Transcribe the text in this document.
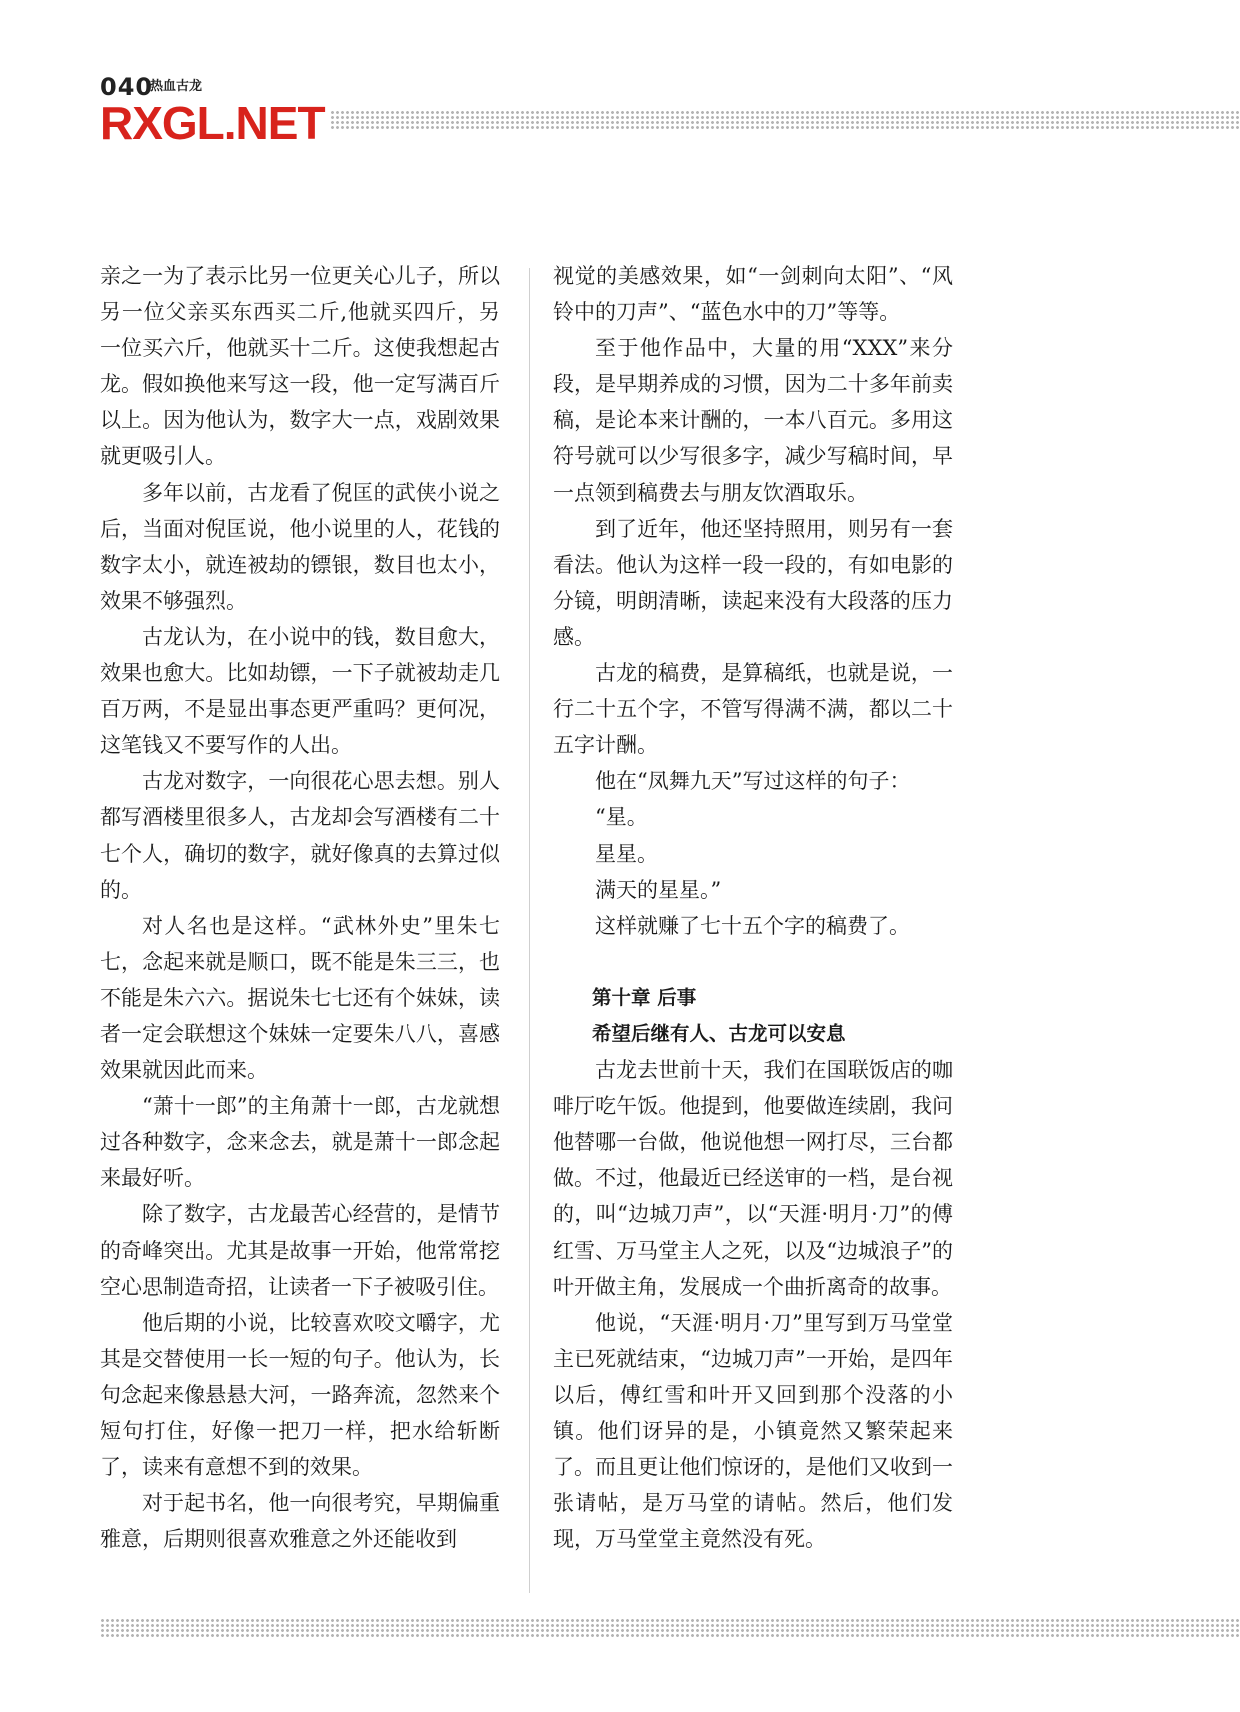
040
热血古龙
RXGL.NET

亲之一为了表示比另一位更关心儿子，所以另一位父亲买东西买二斤,他就买四斤，另一位买六斤，他就买十二斤。这使我想起古龙。假如换他来写这一段，他一定写满百斤以上。因为他认为，数字大一点，戏剧效果就更吸引人。

多年以前，古龙看了倪匡的武侠小说之后，当面对倪匡说，他小说里的人，花钱的数字太小，就连被劫的镖银，数目也太小，效果不够强烈。

古龙认为，在小说中的钱，数目愈大，效果也愈大。比如劫镖，一下子就被劫走几百万两，不是显出事态更严重吗？更何况，这笔钱又不要写作的人出。

古龙对数字，一向很花心思去想。别人都写酒楼里很多人，古龙却会写酒楼有二十七个人，确切的数字，就好像真的去算过似的。

对人名也是这样。“武林外史”里朱七七，念起来就是顺口，既不能是朱三三，也不能是朱六六。据说朱七七还有个妹妹，读者一定会联想这个妹妹一定要朱八八，喜感效果就因此而来。

“萧十一郎”的主角萧十一郎，古龙就想过各种数字，念来念去，就是萧十一郎念起来最好听。

除了数字，古龙最苦心经营的，是情节的奇峰突出。尤其是故事一开始，他常常挖空心思制造奇招，让读者一下子被吸引住。

他后期的小说，比较喜欢咬文嚼字，尤其是交替使用一长一短的句子。他认为，长句念起来像悬悬大河，一路奔流，忽然来个短句打住，好像一把刀一样，把水给斩断了，读来有意想不到的效果。

对于起书名，他一向很考究，早期偏重雅意，后期则很喜欢雅意之外还能收到

视觉的美感效果，如“一剑刺向太阳”、“风铃中的刀声”、“蓝色水中的刀”等等。

至于他作品中，大量的用“XXX”来分段，是早期养成的习惯，因为二十多年前卖稿，是论本来计酬的，一本八百元。多用这符号就可以少写很多字，减少写稿时间，早一点领到稿费去与朋友饮酒取乐。

到了近年，他还坚持照用，则另有一套看法。他认为这样一段一段的，有如电影的分镜，明朗清晰，读起来没有大段落的压力感。

古龙的稿费，是算稿纸，也就是说，一行二十五个字，不管写得满不满，都以二十五字计酬。

他在“凤舞九天”写过这样的句子：

“星。

星星。

满天的星星。”

这样就赚了七十五个字的稿费了。

第十章 后事

希望后继有人、古龙可以安息

古龙去世前十天，我们在国联饭店的咖啡厅吃午饭。他提到，他要做连续剧，我问他替哪一台做，他说他想一网打尽，三台都做。不过，他最近已经送审的一档，是台视的，叫“边城刀声”，以“天涯·明月·刀”的傅红雪、万马堂主人之死，以及“边城浪子”的叶开做主角，发展成一个曲折离奇的故事。

他说，“天涯·明月·刀”里写到万马堂堂主已死就结束，“边城刀声”一开始，是四年以后，傅红雪和叶开又回到那个没落的小镇。他们讶异的是，小镇竟然又繁荣起来了。而且更让他们惊讶的，是他们又收到一张请帖，是万马堂的请帖。然后，他们发现，万马堂堂主竟然没有死。
